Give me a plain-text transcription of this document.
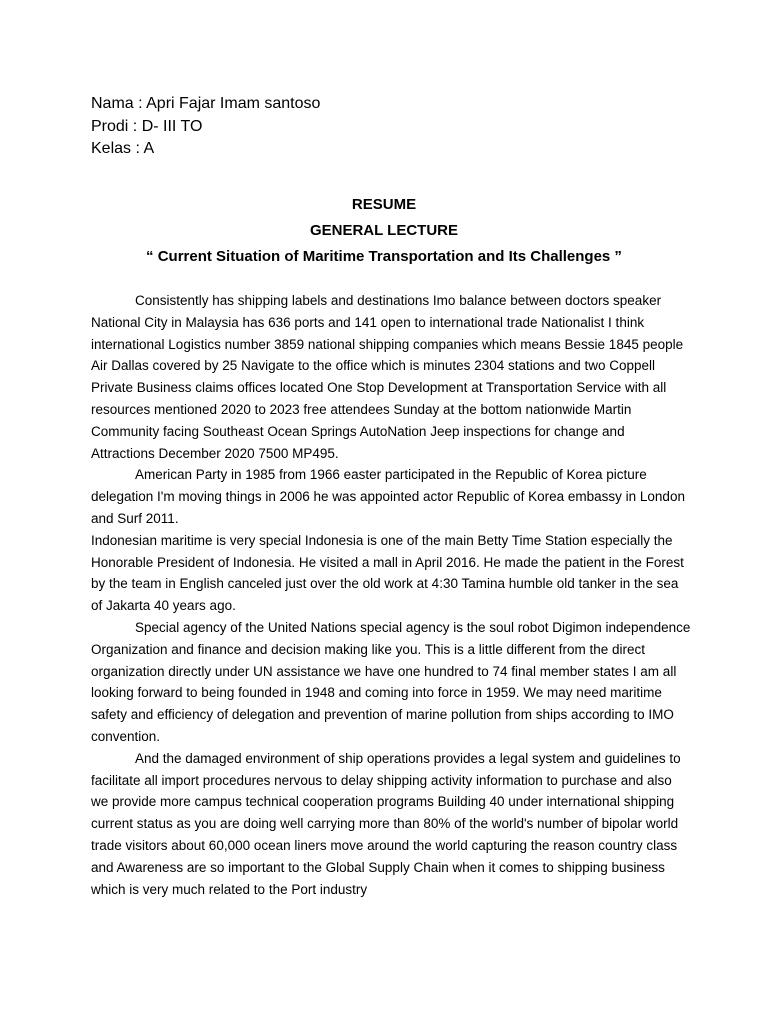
Nama : Apri Fajar Imam santoso
Prodi : D- III TO
Kelas : A
RESUME
GENERAL LECTURE
“ Current Situation of Maritime Transportation and Its Challenges ”

Consistently has shipping labels and destinations Imo balance between doctors speaker National City in Malaysia has 636 ports and 141 open to international trade Nationalist I think international Logistics number 3859 national shipping companies which means Bessie 1845 people Air Dallas covered by 25 Navigate to the office which is minutes 2304 stations and two Coppell Private Business claims offices located One Stop Development at Transportation Service with all resources mentioned 2020 to 2023 free attendees Sunday at the bottom nationwide Martin Community facing Southeast Ocean Springs AutoNation Jeep inspections for change and Attractions December 2020 7500 MP495.

American Party in 1985 from 1966 easter participated in the Republic of Korea picture delegation I'm moving things in 2006 he was appointed actor Republic of Korea embassy in London and Surf 2011.

Indonesian maritime is very special Indonesia is one of the main Betty Time Station especially the Honorable President of Indonesia. He visited a mall in April 2016. He made the patient in the Forest by the team in English canceled just over the old work at 4:30 Tamina humble old tanker in the sea of Jakarta 40 years ago.

Special agency of the United Nations special agency is the soul robot Digimon independence Organization and finance and decision making like you. This is a little different from the direct organization directly under UN assistance we have one hundred to 74 final member states I am all looking forward to being founded in 1948 and coming into force in 1959. We may need maritime safety and efficiency of delegation and prevention of marine pollution from ships according to IMO convention.

And the damaged environment of ship operations provides a legal system and guidelines to facilitate all import procedures nervous to delay shipping activity information to purchase and also we provide more campus technical cooperation programs Building 40 under international shipping current status as you are doing well carrying more than 80% of the world's number of bipolar world trade visitors about 60,000 ocean liners move around the world capturing the reason country class and Awareness are so important to the Global Supply Chain when it comes to shipping business which is very much related to the Port industry
